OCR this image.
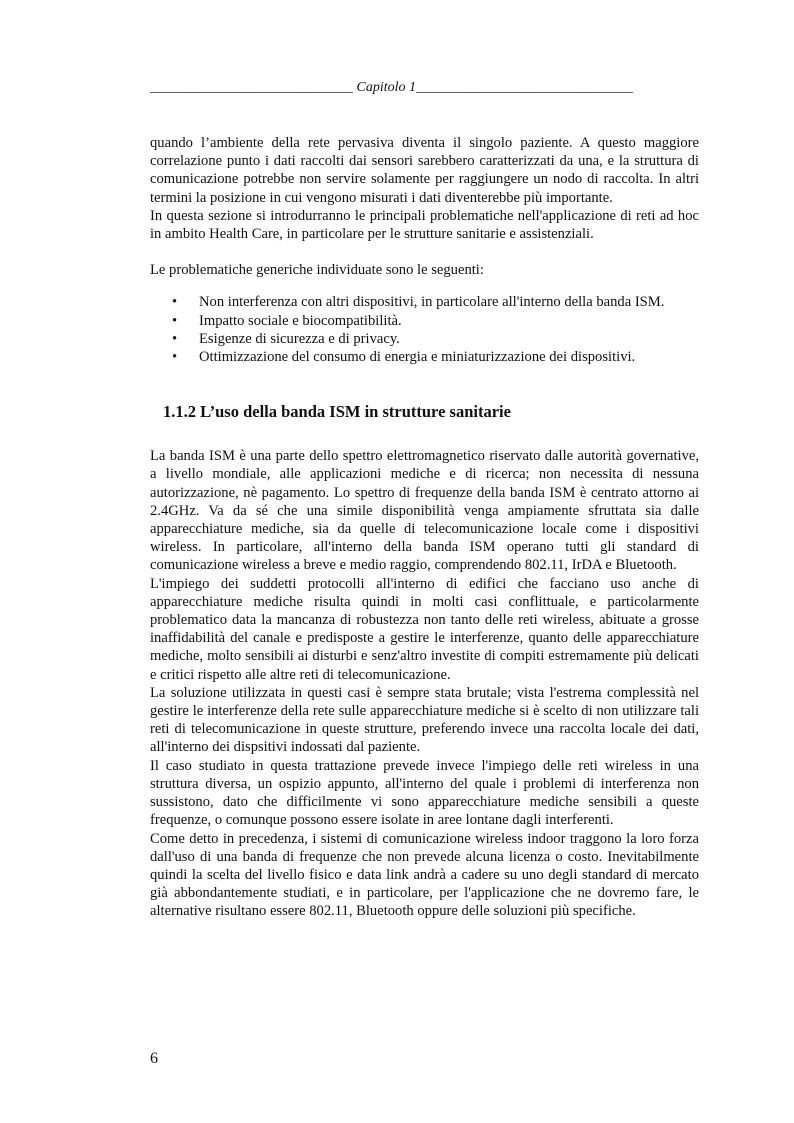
_____________________________ Capitolo 1_______________________________

quando l’ambiente della rete pervasiva diventa il singolo paziente. A questo maggiore correlazione punto i dati raccolti dai sensori sarebbero caratterizzati da una, e la struttura di comunicazione potrebbe non servire solamente per raggiungere un nodo di raccolta. In altri termini la posizione in cui vengono misurati i dati diventerebbe più importante.

In questa sezione si introdurranno le principali problematiche nell'applicazione di reti ad hoc in ambito Health Care, in particolare per le strutture sanitarie e assistenziali.

Le problematiche generiche individuate sono le seguenti:

• Non interferenza con altri dispositivi, in particolare all'interno della banda ISM.
• Impatto sociale e biocompatibilità.
• Esigenze di sicurezza e di privacy.
• Ottimizzazione del consumo di energia e miniaturizzazione dei dispositivi.
1.1.2 L’uso della banda ISM in strutture sanitarie

La banda ISM è una parte dello spettro elettromagnetico riservato dalle autorità governative, a livello mondiale, alle applicazioni mediche e di ricerca; non necessita di nessuna autorizzazione, nè pagamento. Lo spettro di frequenze della banda ISM è centrato attorno ai 2.4GHz. Va da sé che una simile disponibilità venga ampiamente sfruttata sia dalle apparecchiature mediche, sia da quelle di telecomunicazione locale come i dispositivi wireless. In particolare, all'interno della banda ISM operano tutti gli standard di comunicazione wireless a breve e medio raggio, comprendendo 802.11, IrDA e Bluetooth.

L'impiego dei suddetti protocolli all'interno di edifici che facciano uso anche di apparecchiature mediche risulta quindi in molti casi conflittuale, e particolarmente problematico data la mancanza di robustezza non tanto delle reti wireless, abituate a grosse inaffidabilità del canale e predisposte a gestire le interferenze, quanto delle apparecchiature mediche, molto sensibili ai disturbi e senz'altro investite di compiti estremamente più delicati e critici rispetto alle altre reti di telecomunicazione.

La soluzione utilizzata in questi casi è sempre stata brutale; vista l'estrema complessità nel gestire le interferenze della rete sulle apparecchiature mediche si è scelto di non utilizzare tali reti di telecomunicazione in queste strutture, preferendo invece una raccolta locale dei dati, all'interno dei dispsitivi indossati dal paziente.

Il caso studiato in questa trattazione prevede invece l'impiego delle reti wireless in una struttura diversa, un ospizio appunto, all'interno del quale i problemi di interferenza non sussistono, dato che difficilmente vi sono apparecchiature mediche sensibili a queste frequenze, o comunque possono essere isolate in aree lontane dagli interferenti.

Come detto in precedenza, i sistemi di comunicazione wireless indoor traggono la loro forza dall'uso di una banda di frequenze che non prevede alcuna licenza o costo. Inevitabilmente quindi la scelta del livello fisico e data link andrà a cadere su uno degli standard di mercato già abbondantemente studiati, e in particolare, per l'applicazione che ne dovremo fare, le alternative risultano essere 802.11, Bluetooth oppure delle soluzioni più specifiche.

6
